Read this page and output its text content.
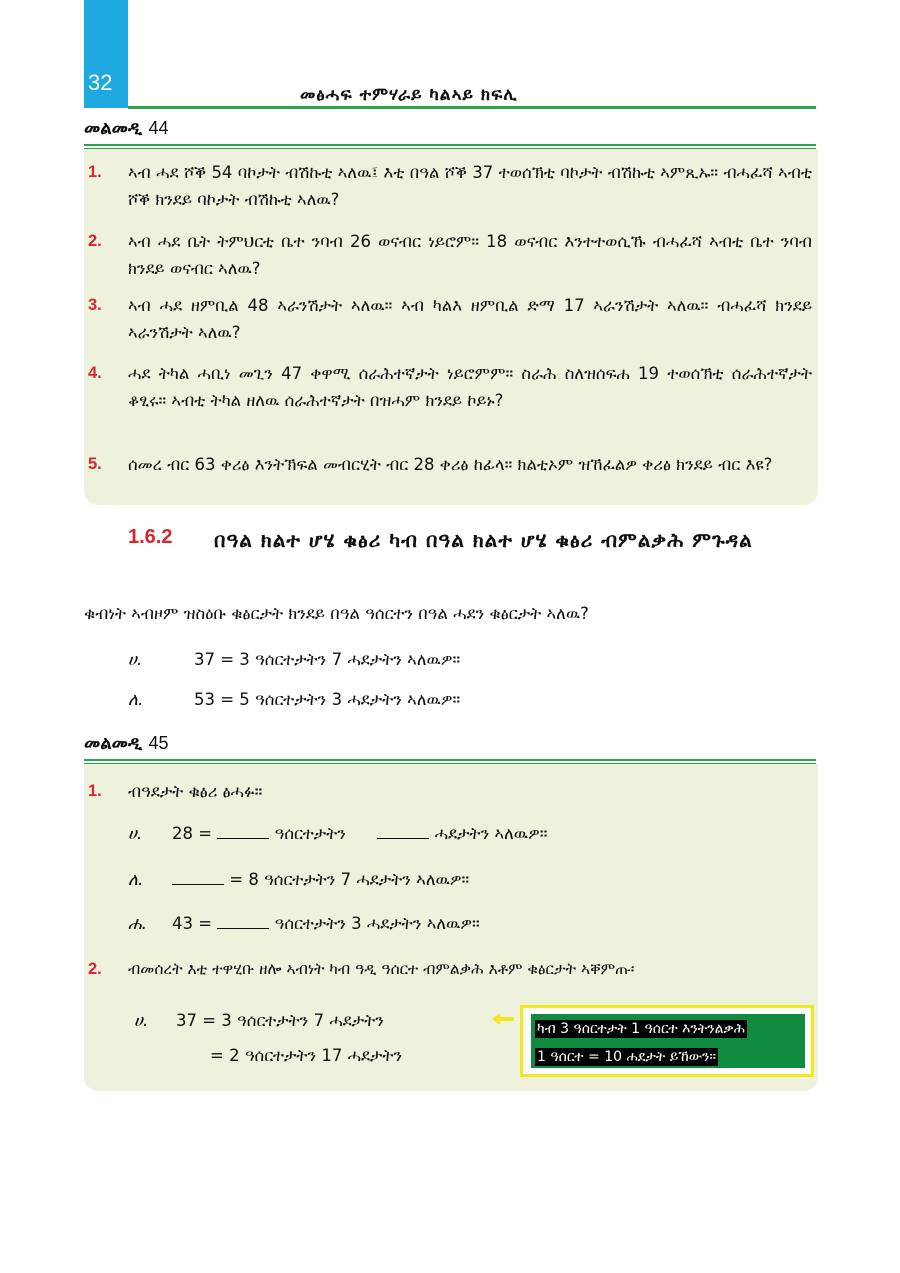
32	መፅሓፍ ተምሃራይ ካልኣይ ክፍሊ
መልመዲ 44
1. ኣብ ሓደ ሾቕ 54 ባኮታት ብሽኩቲ ኣለዉ፤ እቲ በዓል ሾቕ 37 ተወሰኽቲ ባኮታት ብሽኩቲ ኣምጺኡ። ብሓፈሻ ኣብቲ ሾቕ ክንደይ ባኮታት ብሽኩቲ ኣለዉ?
2. ኣብ ሓደ ቤት ትምህርቲ ቤተ ንባብ 26 ወናብር ነይሮም። 18 ወናብር እንተተወሲኹ ብሓፈሻ ኣብቲ ቤተ ንባብ ክንደይ ወናብር ኣለዉ?
3. ኣብ ሓደ ዘምቢል 48 ኣራንሽታት ኣለዉ። ኣብ ካልእ ዘምቢል ድማ 17 ኣራንሽታት ኣለዉ። ብሓፈሻ ክንደይ ኣራንሽታት ኣለዉ?
4. ሓደ ትካል ሓቢነ መጊን 47 ቀዋሚ ሰራሕተኛታት ነይሮምም። ስራሕ ስለዝሰፍሐ 19 ተወሰኽቲ ሰራሕተኛታት ቆፂሩ። ኣብቲ ትካል ዘለዉ ሰራሕተኛታት በዝሓም ክንደይ ኮይኑ?
5. ሰመረ ብር 63 ቀሪፅ እንትኽፍል መብርሂት ብር 28 ቀሪፅ ከፊላ። ክልቲኦም ዝኸፈልዎ ቀሪፅ ክንደይ ብር እዩ?
1.6.2 በዓል ክልተ ሆሄ ቁፅሪ ካብ በዓል ክልተ ሆሄ ቁፅሪ ብምልቃሕ ምጉዳል
ቁብነት ኣብዞም ዝስዕቡ ቁፅርታት ክንደይ በዓል ዓሰርተን በዓል ሓደን ቁፅርታት ኣለዉ?
ሀ.	37 = 3 ዓሰርተታትን 7 ሓደታትን ኣለዉዎ።
ለ.	53 = 5 ዓሰርተታትን 3 ሓደታትን ኣለዉዎ።
መልመዲ 45
1. ብዓደታት ቁፅሪ ፅሓፉ።
ሀ. 28 =	ዓሰርተታትን	ሓደታትን ኣለዉዎ።
ለ.	= 8 ዓሰርተታትን 7 ሓደታትን ኣለዉዎ።
ሐ. 43 =	ዓሰርተታትን 3 ሓደታትን ኣለዉዎ።
2. ብመሰረት እቲ ተዋሂቡ ዘሎ ኣብነት ካብ ዓዲ ዓሰርተ ብምልቃሕ እቶም ቁፅርታት ኣቐምጡ፡
ሀ. 37 = 3 ዓሰርተታትን 7 ሓደታትን
= 2 ዓሰርተታትን 17 ሓደታትን
ካብ 3 ዓሰርተታት 1 ዓሰርተ እንትንልቃሕ
1 ዓሰርተ = 10 ሐደታት ይኸውን።
